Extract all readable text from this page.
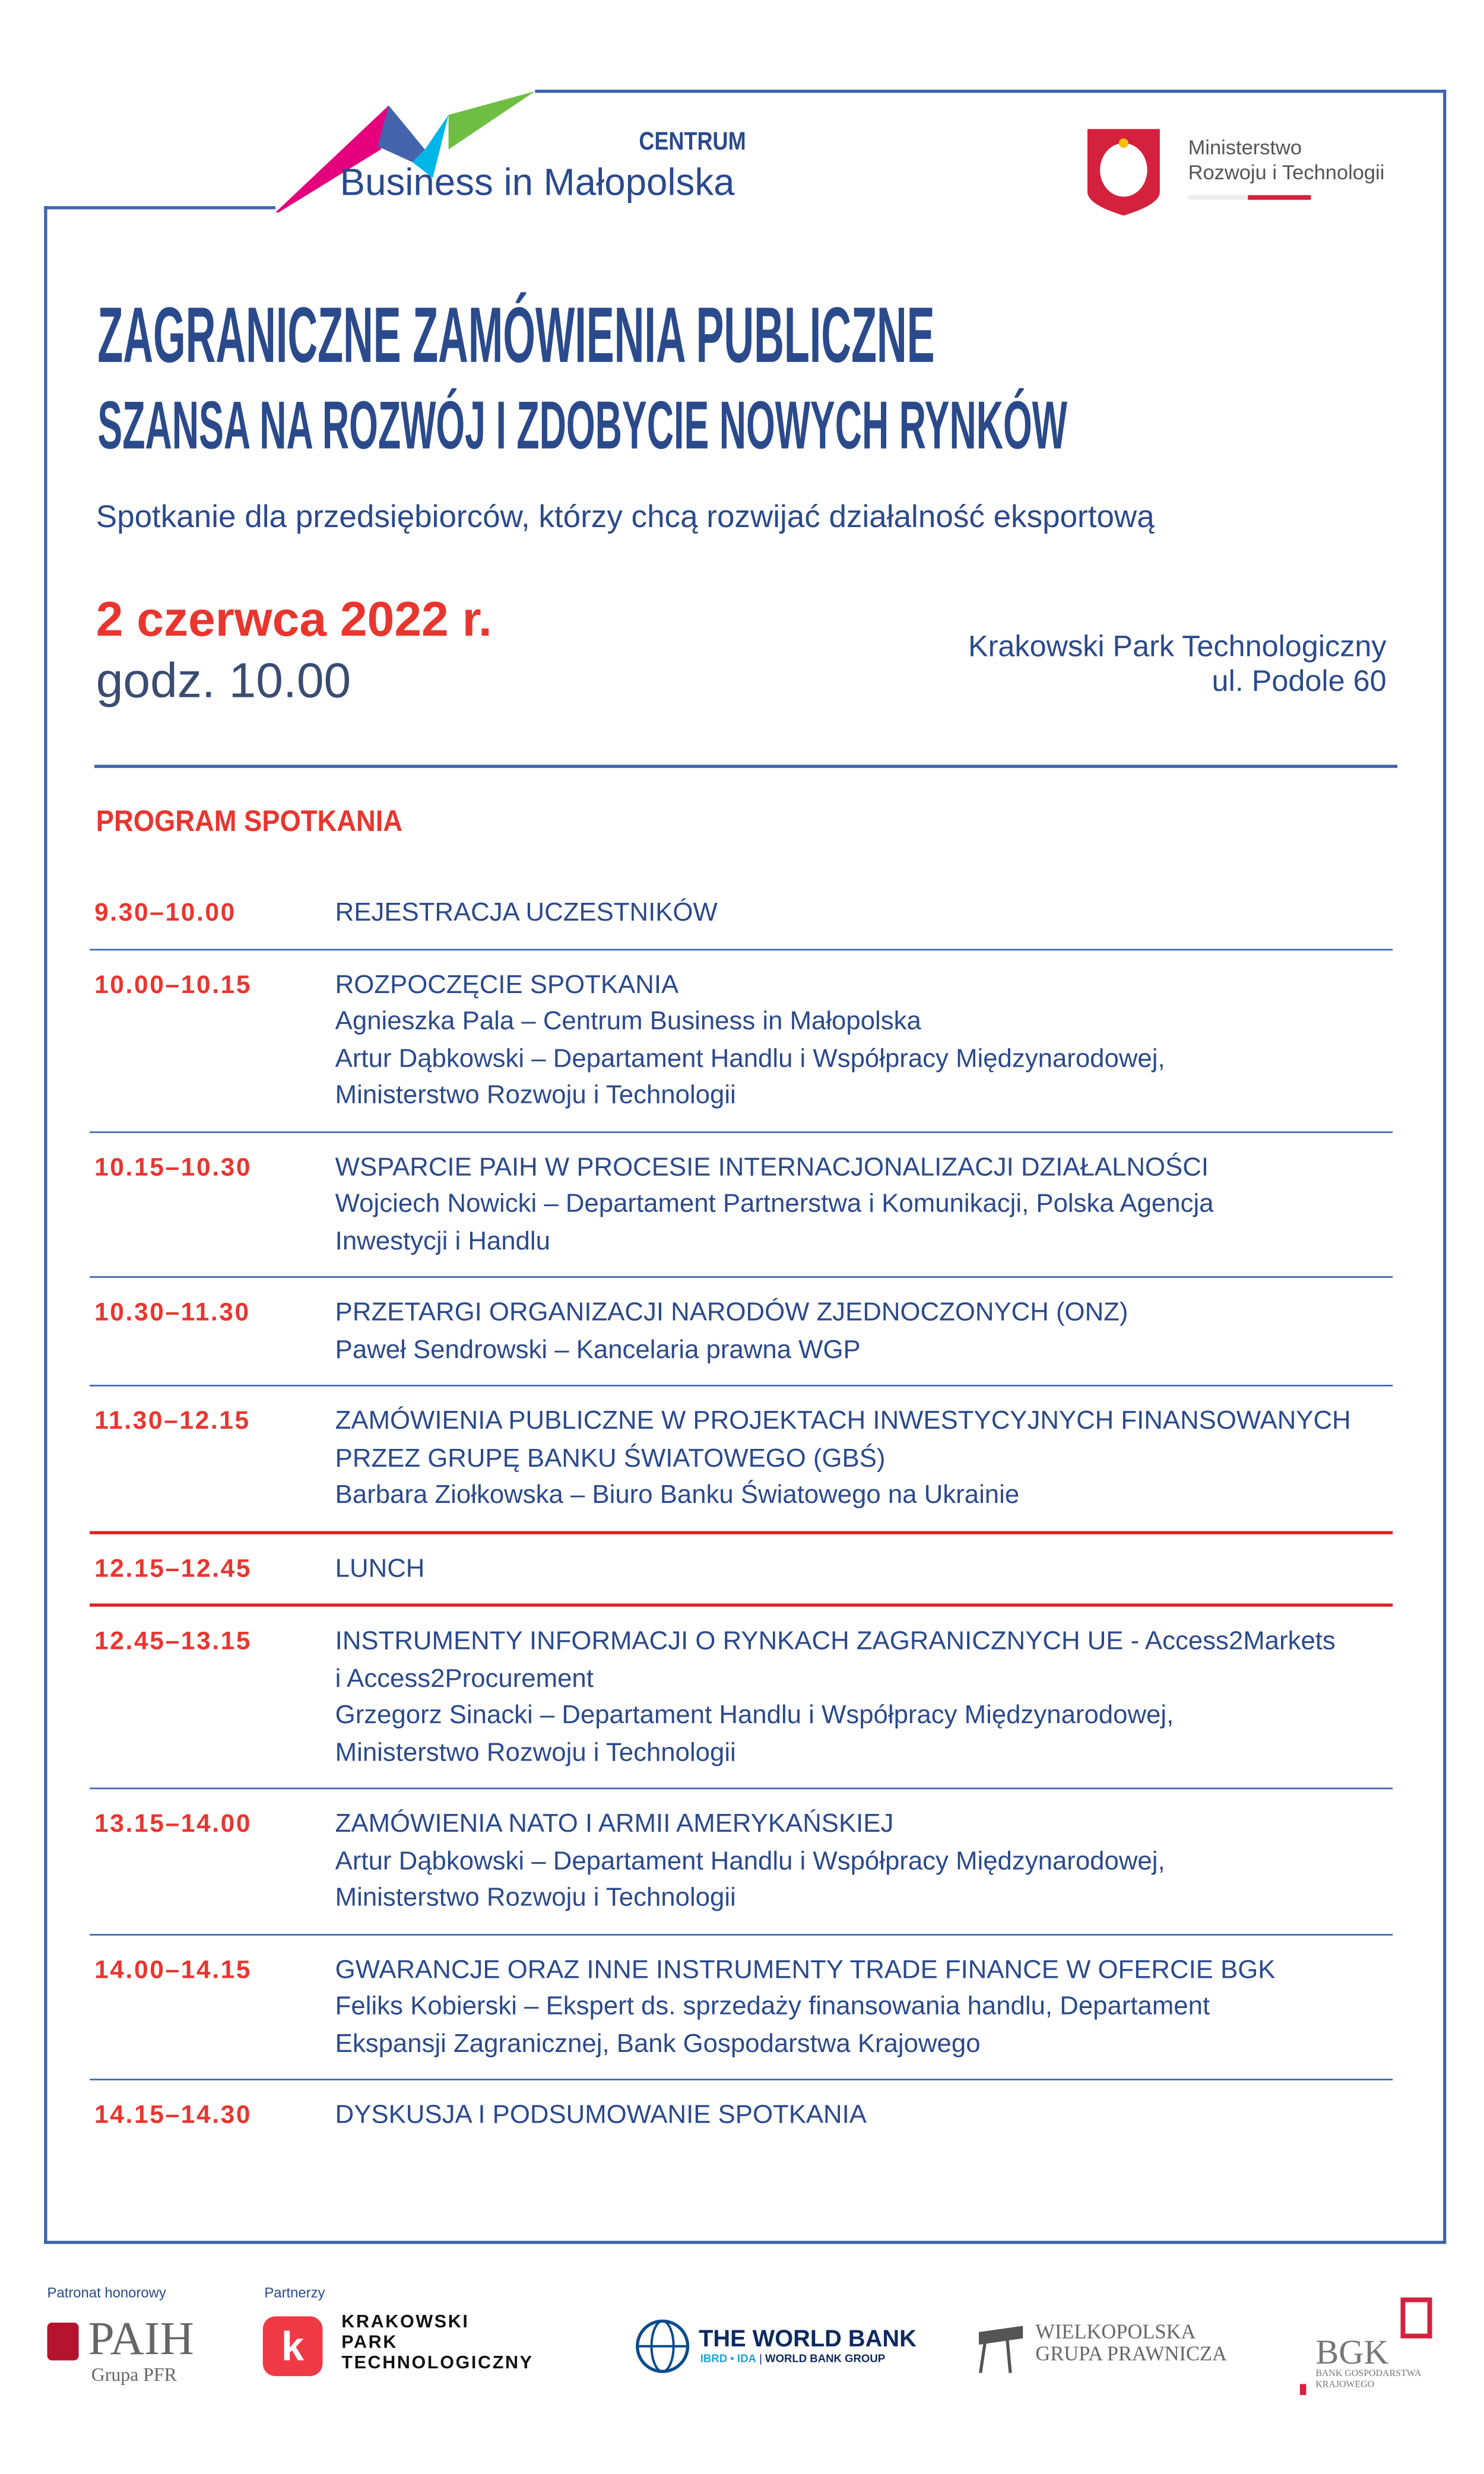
CENTRUM
Business in Małopolska
Ministerstwo
Rozwoju i Technologii
ZAGRANICZNE ZAMÓWIENIA PUBLICZNE
SZANSA NA ROZWÓJ I ZDOBYCIE NOWYCH RYNKÓW
Spotkanie dla przedsiębiorców, którzy chcą rozwijać działalność eksportową
2 czerwca 2022 r.
godz. 10.00
Krakowski Park Technologiczny
ul. Podole 60
PROGRAM SPOTKANIA
9.30–10.00	REJESTRACJA UCZESTNIKÓW
10.00–10.15	ROZPOCZĘCIE SPOTKANIA
Agnieszka Pala – Centrum Business in Małopolska
Artur Dąbkowski – Departament Handlu i Współpracy Międzynarodowej,
Ministerstwo Rozwoju i Technologii
10.15–10.30	WSPARCIE PAIH W PROCESIE INTERNACJONALIZACJI DZIAŁALNOŚCI
Wojciech Nowicki – Departament Partnerstwa i Komunikacji, Polska Agencja
Inwestycji i Handlu
10.30–11.30	PRZETARGI ORGANIZACJI NARODÓW ZJEDNOCZONYCH (ONZ)
Paweł Sendrowski – Kancelaria prawna WGP
11.30–12.15	ZAMÓWIENIA PUBLICZNE W PROJEKTACH INWESTYCYJNYCH FINANSOWANYCH
PRZEZ GRUPĘ BANKU ŚWIATOWEGO (GBŚ)
Barbara Ziołkowska – Biuro Banku Światowego na Ukrainie
12.15–12.45	LUNCH
12.45–13.15	INSTRUMENTY INFORMACJI O RYNKACH ZAGRANICZNYCH UE - Access2Markets
i Access2Procurement
Grzegorz Sinacki – Departament Handlu i Współpracy Międzynarodowej,
Ministerstwo Rozwoju i Technologii
13.15–14.00	ZAMÓWIENIA NATO I ARMII AMERYKAŃSKIEJ
Artur Dąbkowski – Departament Handlu i Współpracy Międzynarodowej,
Ministerstwo Rozwoju i Technologii
14.00–14.15	GWARANCJE ORAZ INNE INSTRUMENTY TRADE FINANCE W OFERCIE BGK
Feliks Kobierski – Ekspert ds. sprzedaży finansowania handlu, Departament
Ekspansji Zagranicznej, Bank Gospodarstwa Krajowego
14.15–14.30	DYSKUSJA I PODSUMOWANIE SPOTKANIA
Patronat honorowy	Partnerzy
PAIH
Grupa PFR
k	KRAKOWSKI
PARK
TECHNOLOGICZNY
THE WORLD BANK
IBRD • IDA | WORLD BANK GROUP
WIELKOPOLSKA
GRUPA PRAWNICZA	BGK
BANK GOSPODARSTWA
KRAJOWEGO
